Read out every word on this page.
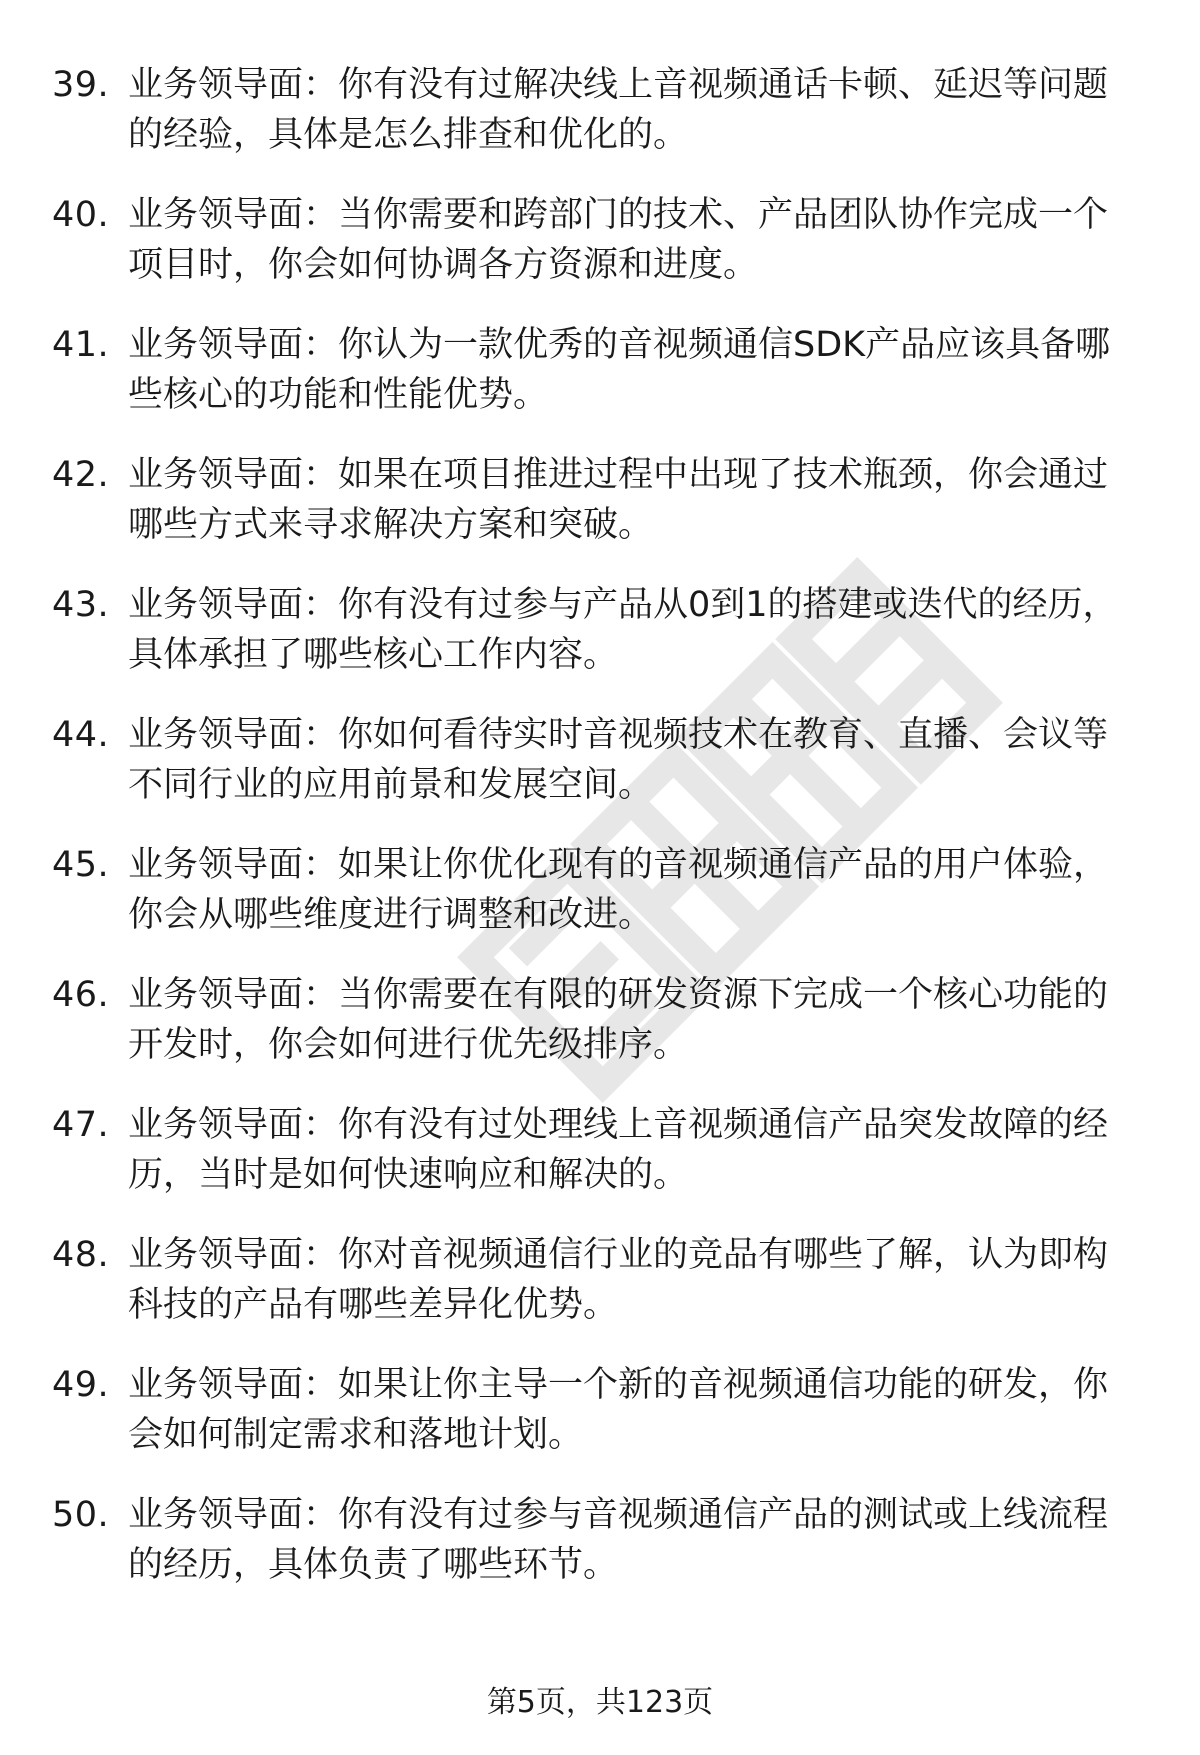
39. 业务领导面：你有没有过解决线上音视频通话卡顿、延迟等问题的经验，具体是怎么排查和优化的。
40. 业务领导面：当你需要和跨部门的技术、产品团队协作完成一个项目时，你会如何协调各方资源和进度。
41. 业务领导面：你认为一款优秀的音视频通信SDK产品应该具备哪些核心的功能和性能优势。
42. 业务领导面：如果在项目推进过程中出现了技术瓶颈，你会通过哪些方式来寻求解决方案和突破。
43. 业务领导面：你有没有过参与产品从0到1的搭建或迭代的经历，具体承担了哪些核心工作内容。
44. 业务领导面：你如何看待实时音视频技术在教育、直播、会议等不同行业的应用前景和发展空间。
45. 业务领导面：如果让你优化现有的音视频通信产品的用户体验，你会从哪些维度进行调整和改进。
46. 业务领导面：当你需要在有限的研发资源下完成一个核心功能的开发时，你会如何进行优先级排序。
47. 业务领导面：你有没有过处理线上音视频通信产品突发故障的经历，当时是如何快速响应和解决的。
48. 业务领导面：你对音视频通信行业的竞品有哪些了解，认为即构科技的产品有哪些差异化优势。
49. 业务领导面：如果让你主导一个新的音视频通信功能的研发，你会如何制定需求和落地计划。
50. 业务领导面：你有没有过参与音视频通信产品的测试或上线流程的经历，具体负责了哪些环节。
第5页，共123页
